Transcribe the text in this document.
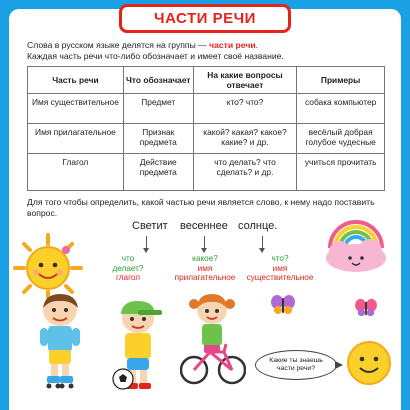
ЧАСТИ РЕЧИ
Слова в русском языке делятся на группы — части речи.
Каждая часть речи что-либо обозначает и имеет своё название.
Часть речи	Что обозначает	На какие вопросы отвечает	Примеры
Имя существительное	Предмет	кто? что?	собака компьютер
Имя прилагательное	Признак предмета	какой? какая? какое? какие? и др.	весёлый добрая голубое чудесные
Глагол	Действие предмета	что делать? что сделать? и др.	учиться прочитать
Для того чтобы определить, какой частью речи является слово, к нему надо поставить вопрос.
Светит весеннее солнце.
что
делает?
глагол
какое?
имя
прилагательное
что?
имя
существительное
Какие ты знаешь части речи?
